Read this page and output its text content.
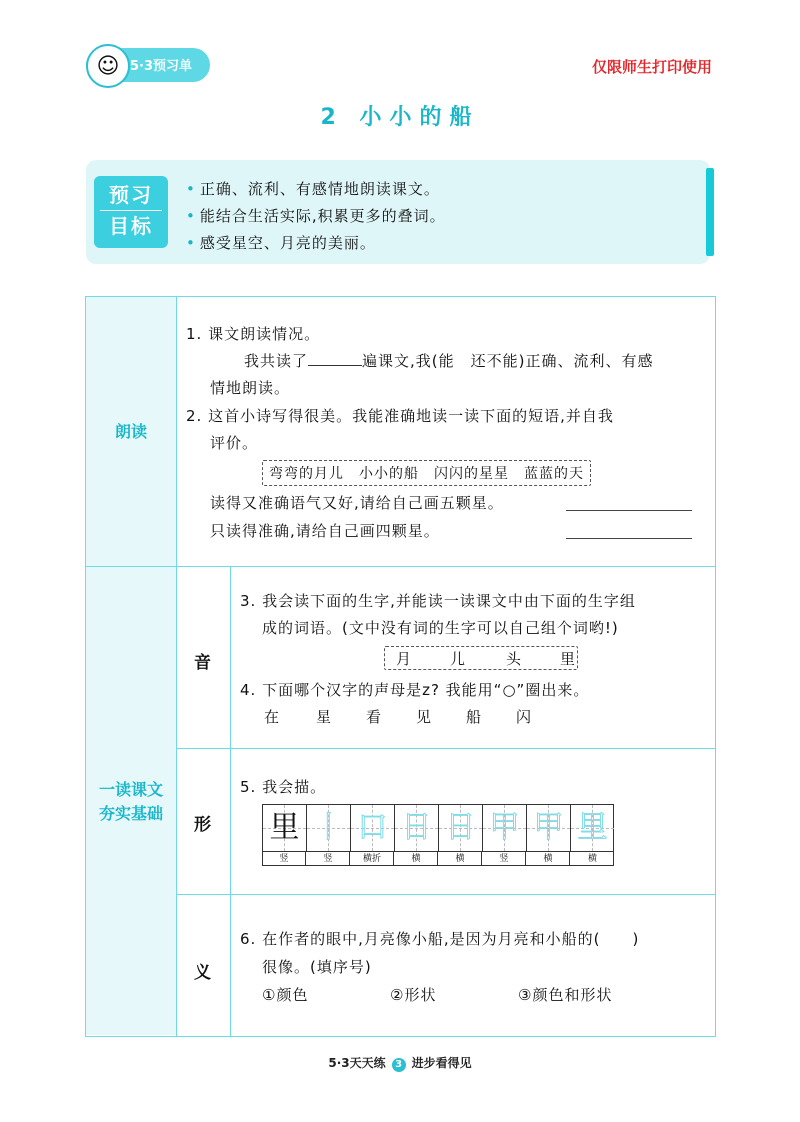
☺ 5·3预习单	仅限师生打印使用
2 小小的船
预习
目标
• 正确、流利、有感情地朗读课文。
• 能结合生活实际,积累更多的叠词。
• 感受星空、月亮的美丽。
朗读
1. 课文朗读情况。
我共读了	遍课文,我(能　还不能)正确、流利、有感
情地朗读。
2. 这首小诗写得很美。我能准确地读一读下面的短语,并自我
评价。
弯弯的月儿　小小的船　闪闪的星星　蓝蓝的天
读得又准确语气又好,请给自己画五颗星。
只读得准确,请给自己画四颗星。
一读课文
夯实基础
音
3. 我会读下面的生字,并能读一读课文中由下面的生字组
成的词语。(文中没有词的生字可以自己组个词哟!)
月	儿	头	里
4. 下面哪个汉字的声母是z? 我能用“○”圈出来。
在 星 看 见 船 闪
形
5. 我会描。
里 丨 口 日 日 甲 甲 里
竖	竖	横折	横	横	竖	横	横
义
6. 在作者的眼中,月亮像小船,是因为月亮和小船的(　　)
很像。(填序号)
①颜色	②形状	③颜色和形状
5·3天天练 3 进步看得见
